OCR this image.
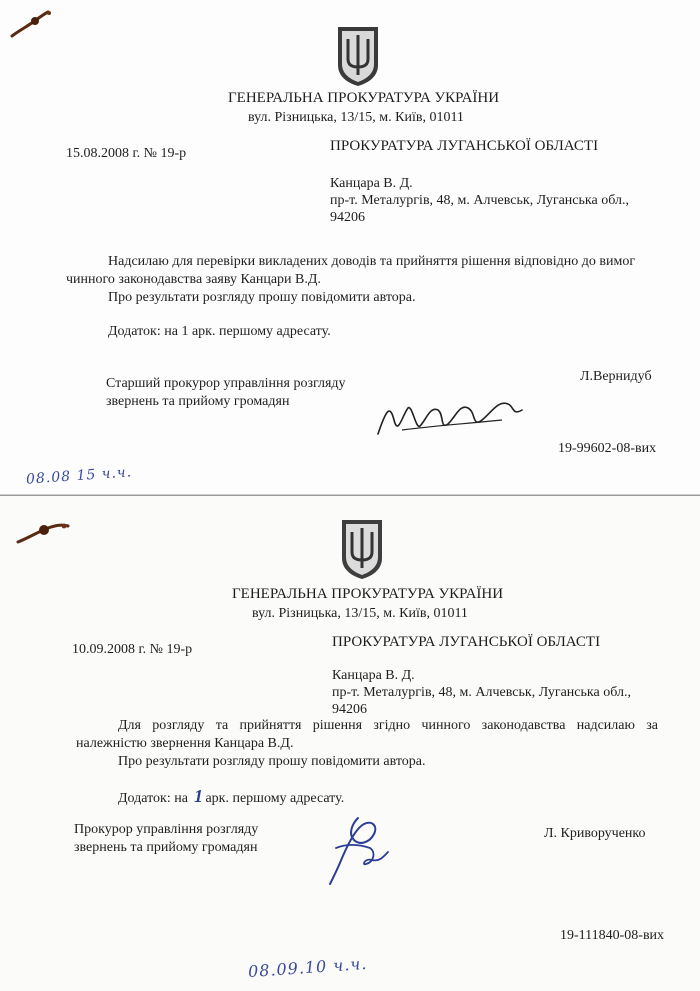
ГЕНЕРАЛЬНА ПРОКУРАТУРА УКРАЇНИ
вул. Різницька, 13/15, м. Київ, 01011
15.08.2008 г. № 19-р	ПРОКУРАТУРА ЛУГАНСЬКОЇ ОБЛАСТІ
Канцара В. Д.
пр-т. Металургів, 48, м. Алчевськ, Луганська обл.,
94206
Надсилаю для перевірки викладених доводів та прийняття рішення відповідно до вимог
чинного законодавства заяву Канцари В.Д.
Про результати розгляду прошу повідомити автора.
Додаток: на 1 арк. першому адресату.
Старший прокурор управління розгляду
звернень та прийому громадян
Л.Вернидуб
19-99602-08-вих
08.08 15 ч.ч.
ГЕНЕРАЛЬНА ПРОКУРАТУРА УКРАЇНИ
вул. Різницька, 13/15, м. Київ, 01011
10.09.2008 г. № 19-р	ПРОКУРАТУРА ЛУГАНСЬКОЇ ОБЛАСТІ
Канцара В. Д.
пр-т. Металургів, 48, м. Алчевськ, Луганська обл.,
94206
Для розгляду та прийняття рішення згідно чинного законодавства надсилаю за
належністю звернення Канцара В.Д.
Про результати розгляду прошу повідомити автора.
Додаток: на 1 арк. першому адресату.
Прокурор управління розгляду
звернень та прийому громадян
Л. Криворученко
19-111840-08-вих
08.09.10 ч.ч.
